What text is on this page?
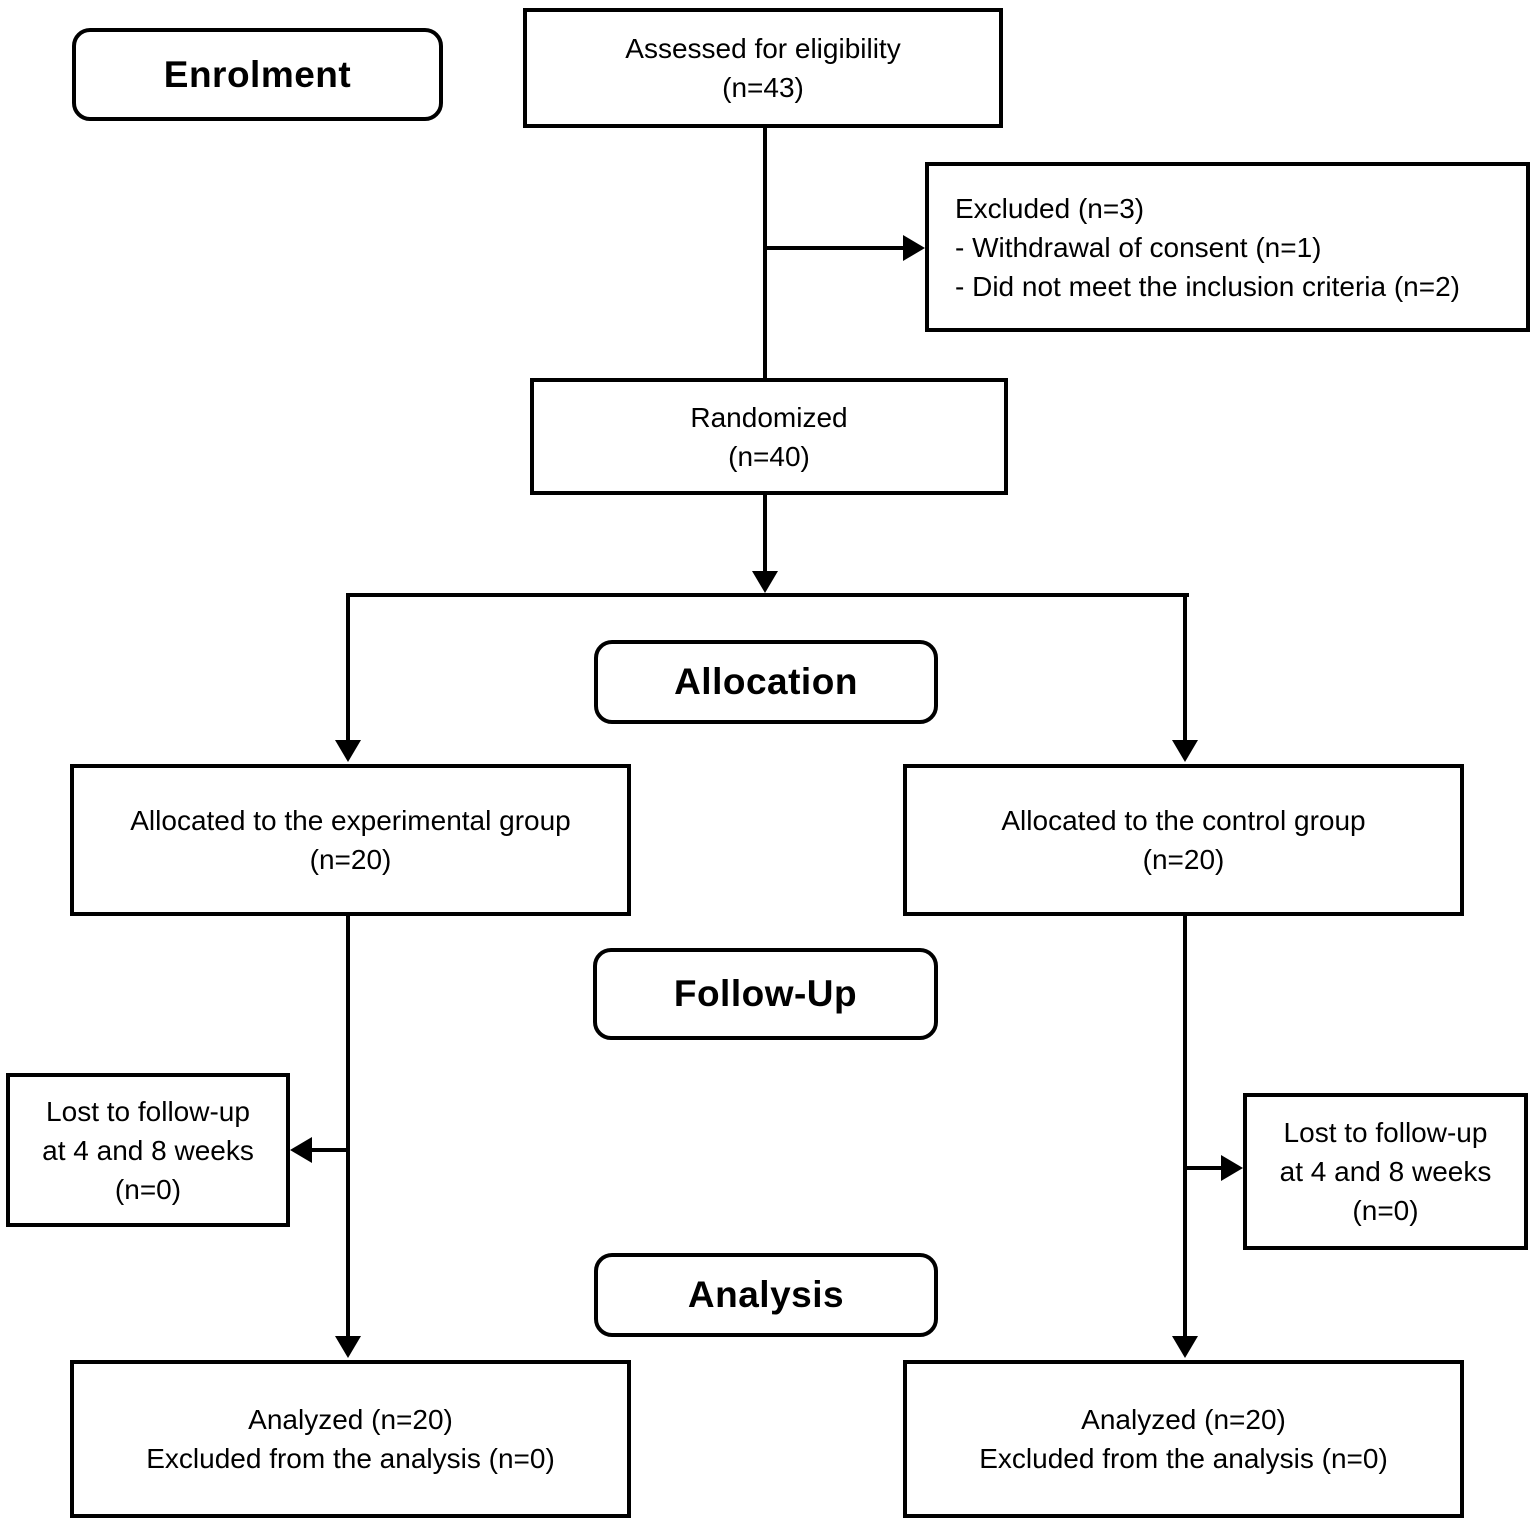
Enrolment
Allocation
Follow-Up
Analysis
Assessed for eligibility
(n=43)
Excluded (n=3)
- Withdrawal of consent (n=1)
- Did not meet the inclusion criteria (n=2)
Randomized
(n=40)
Allocated to the experimental group
(n=20)
Allocated to the control group
(n=20)
Lost to follow-up
at 4 and 8 weeks
(n=0)
Lost to follow-up
at 4 and 8 weeks
(n=0)
Analyzed (n=20)
Excluded from the analysis (n=0)
Analyzed (n=20)
Excluded from the analysis (n=0)
